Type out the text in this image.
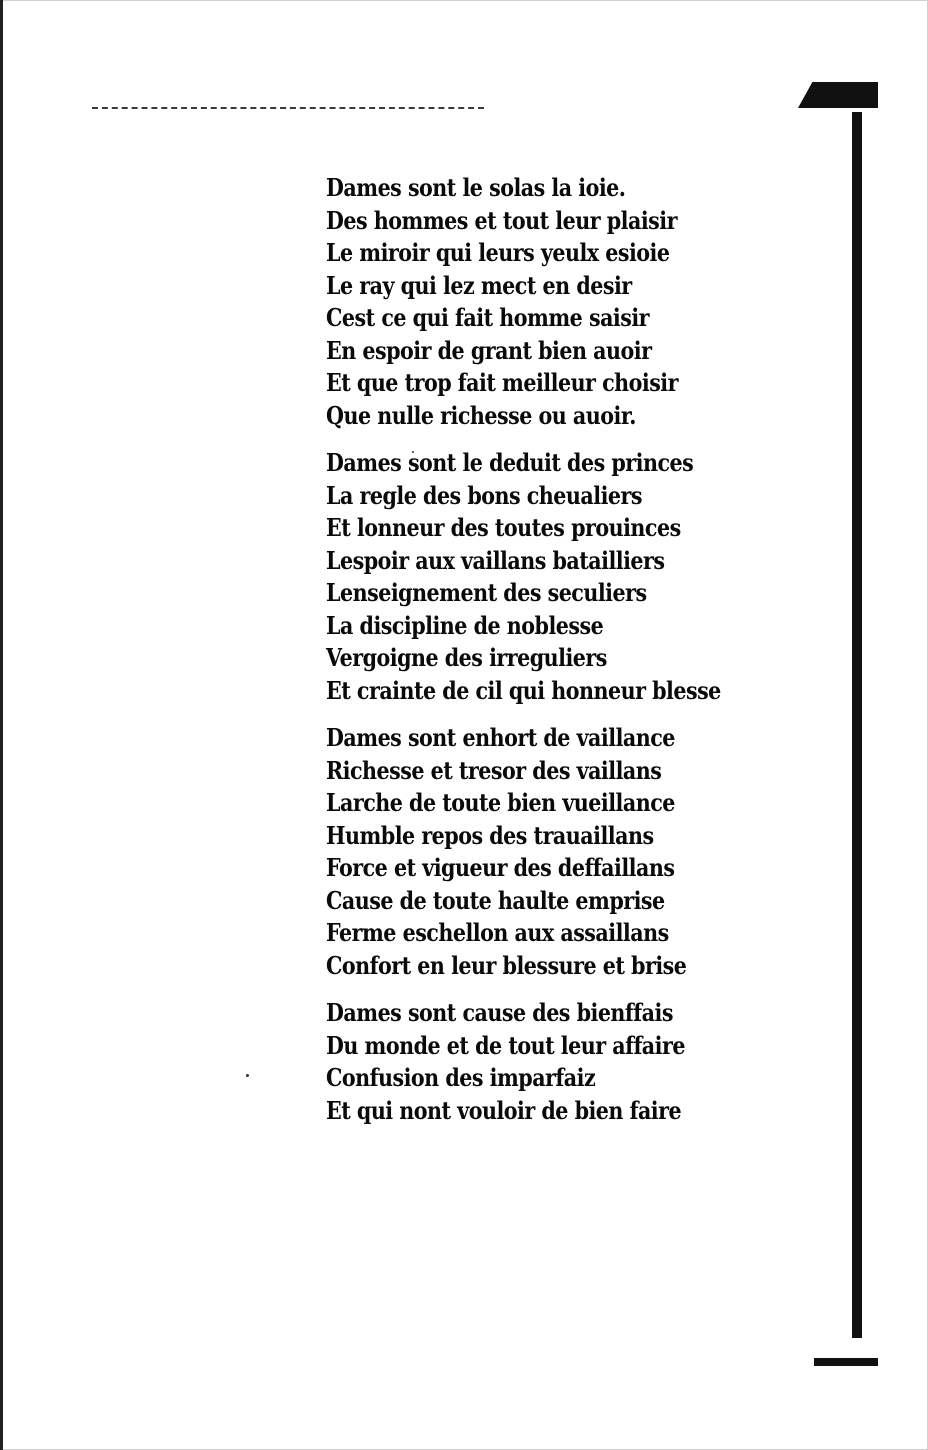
Dames sont le solas la ioie.
Des hommes et tout leur plaisir
Le miroir qui leurs yeulx esioie
Le ray qui lez mect en desir
Cest ce qui fait homme saisir
En espoir de grant bien auoir
Et que trop fait meilleur choisir
Que nulle richesse ou auoir.
Dames sont le deduit des princes
La regle des bons cheualiers
Et lonneur des toutes prouinces
Lespoir aux vaillans batailliers
Lenseignement des seculiers
La discipline de noblesse
Vergoigne des irreguliers
Et crainte de cil qui honneur blesse
Dames sont enhort de vaillance
Richesse et tresor des vaillans
Larche de toute bien vueillance
Humble repos des trauaillans
Force et vigueur des deffaillans
Cause de toute haulte emprise
Ferme eschellon aux assaillans
Confort en leur blessure et brise
Dames sont cause des bienffais
Du monde et de tout leur affaire
Confusion des imparfaiz
Et qui nont vouloir de bien faire
